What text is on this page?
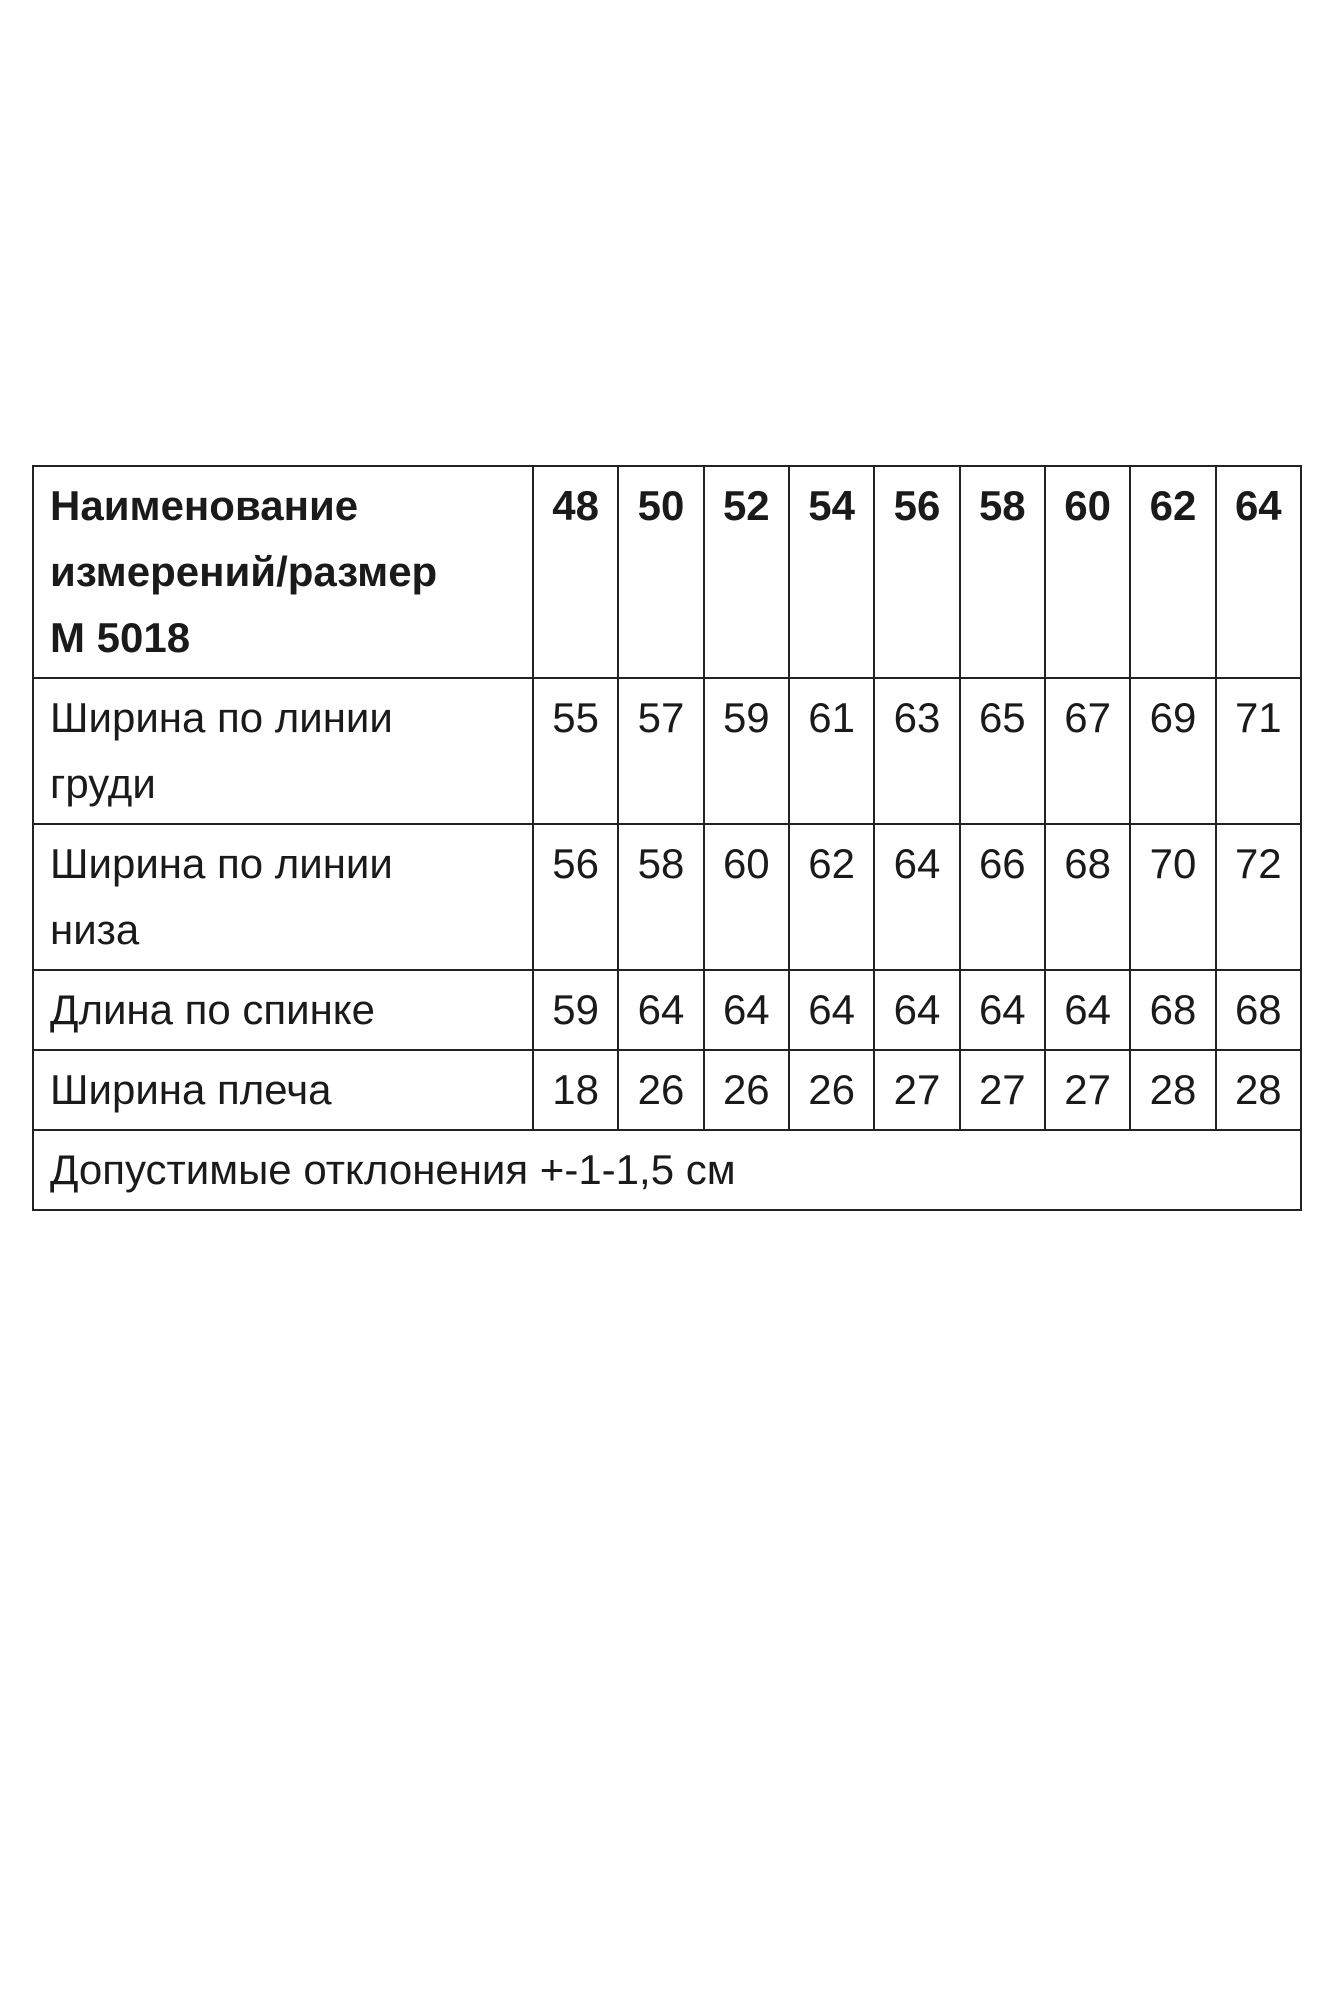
Наименование
измерений/размер
М 5018	48	50	52	54	56	58	60	62	64

Ширина по линии
груди	55	57	59	61	63	65	67	69	71

Ширина по линии
низа	56	58	60	62	64	66	68	70	72
Длина по спинке	59	64	64	64	64	64	64	68	68
Ширина плеча	18	26	26	26	27	27	27	28	28
Допустимые отклонения +-1-1,5 см									
